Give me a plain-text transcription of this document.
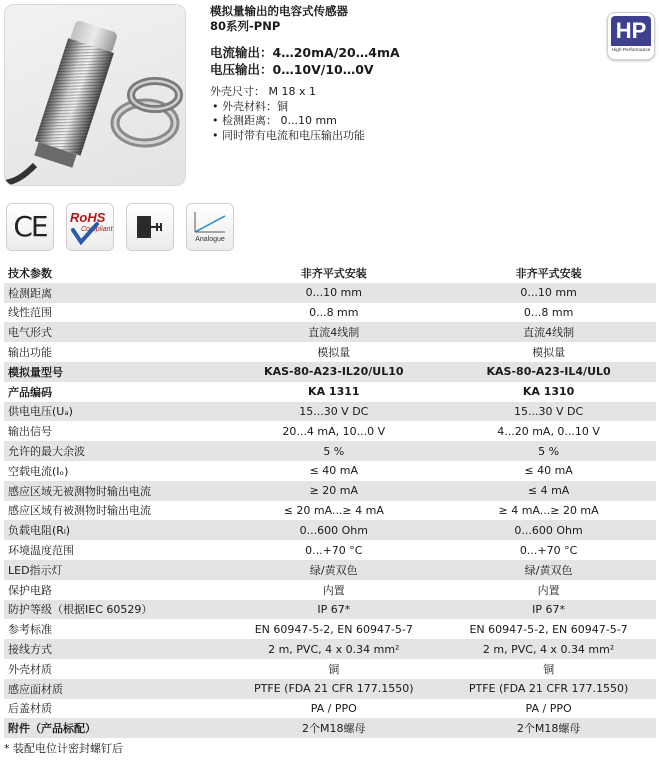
模拟量输出的电容式传感器
80系列-PNP
电流输出：4…20mA/20…4mA
电压输出：0…10V/10…0V
外壳尺寸： M 18 x 1
• 外壳材料：铜
• 检测距离： 0...10 mm
• 同时带有电流和电压输出功能
HP
High Performance
CE	RoHS
Compliant
Analogue
技术参数	非齐平式安装	非齐平式安装
检测距离	0...10 mm	0...10 mm
线性范围	0...8 mm	0...8 mm
电气形式	直流4线制	直流4线制
输出功能	模拟量	模拟量
模拟量型号	KAS-80-A23-IL20/UL10	KAS-80-A23-IL4/UL0
产品编码	KA 1311	KA 1310
供电电压(Uₐ)	15...30 V DC	15...30 V DC
输出信号	20...4 mA, 10...0 V	4...20 mA, 0...10 V
允许的最大余波	5 %	5 %
空载电流(Iₒ)	≤ 40 mA	≤ 40 mA
感应区域无被测物时输出电流	≥ 20 mA	≤ 4 mA
感应区域有被测物时输出电流	≤ 20 mA...≥ 4 mA	≥ 4 mA...≥ 20 mA
负载电阻(Rₗ)	0...600 Ohm	0...600 Ohm
环境温度范围	0...+70 °C	0...+70 °C
LED指示灯	绿/黄双色	绿/黄双色
保护电路	内置	内置
防护等级（根据IEC 60529）	IP 67*	IP 67*
参考标准	EN 60947-5-2, EN 60947-5-7	EN 60947-5-2, EN 60947-5-7
接线方式	2 m, PVC, 4 x 0.34 mm²	2 m, PVC, 4 x 0.34 mm²
外壳材质	铜	铜
感应面材质	PTFE (FDA 21 CFR 177.1550)	PTFE (FDA 21 CFR 177.1550)
后盖材质	PA / PPO	PA / PPO
附件（产品标配）	2个M18螺母	2个M18螺母
* 装配电位计密封螺钉后
